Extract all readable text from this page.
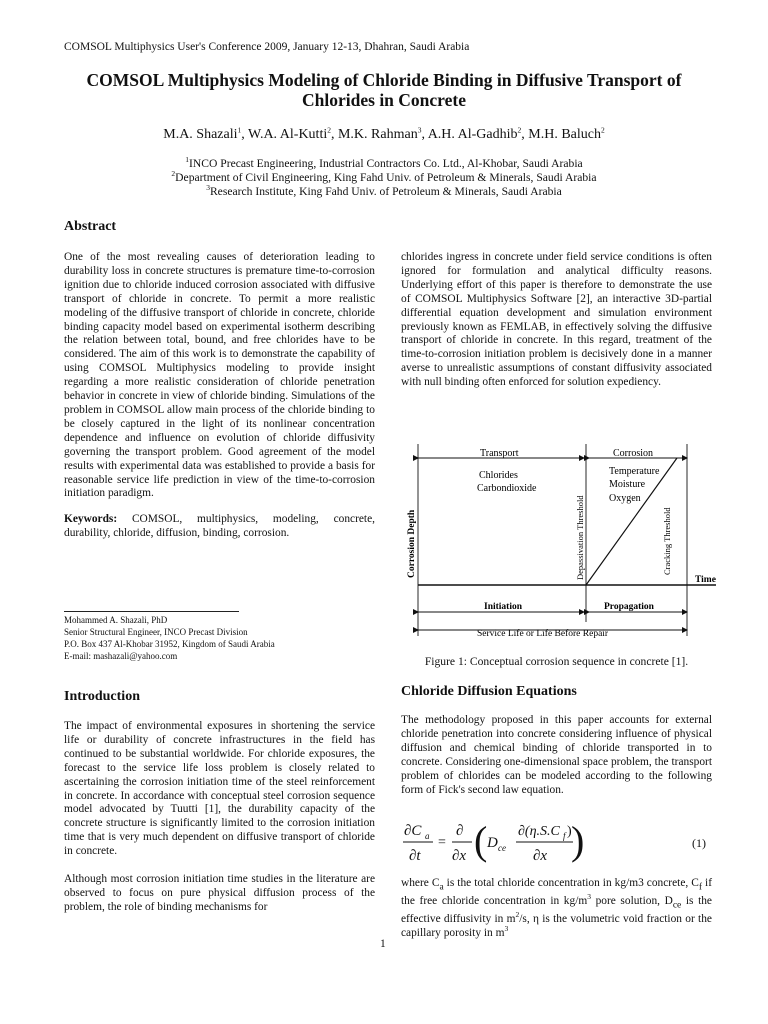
COMSOL Multiphysics User's Conference 2009, January 12-13, Dhahran, Saudi Arabia
COMSOL Multiphysics Modeling of Chloride Binding in Diffusive Transport of Chlorides in Concrete
M.A. Shazali$^1$, W.A. Al-Kutti$^2$, M.K. Rahman$^3$, A.H. Al-Gadhib$^2$, M.H. Baluch$^2$
$^1$INCO Precast Engineering, Industrial Contractors Co. Ltd., Al-Khobar, Saudi Arabia
$^2$Department of Civil Engineering, King Fahd Univ. of Petroleum & Minerals, Saudi Arabia
$^3$Research Institute, King Fahd Univ. of Petroleum & Minerals, Saudi Arabia
Abstract

One of the most revealing causes of deterioration leading to durability loss in concrete structures is premature time-to-corrosion ignition due to chloride induced corrosion associated with diffusive transport of chloride in concrete. To permit a more realistic modeling of the diffusive transport of chloride in concrete, chloride binding capacity model based on experimental isotherm describing the relation between total, bound, and free chlorides have to be considered. The aim of this work is to demonstrate the capability of using COMSOL Multiphysics modeling to provide insight regarding a more realistic consideration of chloride penetration behavior in concrete in view of chloride binding. Simulations of the problem in COMSOL allow main process of the chloride binding to be closely captured in the light of its nonlinear concentration dependence and influence on evolution of chloride diffusivity governing the transport problem. Good agreement of the model results with experimental data was established to provide a basis for reasonable service life prediction in view of the time-to-corrosion initiation paradigm.

Keywords: COMSOL, multiphysics, modeling, concrete, durability, chloride, diffusion, binding, corrosion.

Mohammed A. Shazali, PhD
Senior Structural Engineer, INCO Precast Division
P.O. Box 437 Al-Khobar 31952, Kingdom of Saudi Arabia
E-mail: mashazali@yahoo.com
Introduction

The impact of environmental exposures in shortening the service life or durability of concrete infrastructures in the field has continued to be substantial worldwide. For chloride exposures, the forecast to the service life loss problem is closely related to ascertaining the corrosion initiation time of the steel reinforcement in concrete. In accordance with conceptual steel corrosion sequence model advocated by Tuutti [1], the durability capacity of the concrete structure is significantly limited to the corrosion initiation time that is very much dependent on diffusive transport of chloride in concrete.

Although most corrosion initiation time studies in the literature are observed to focus on pure physical diffusion process of the problem, the role of binding mechanisms for

chlorides ingress in concrete under field service conditions is often ignored for formulation and analytical difficulty reasons. Underlying effort of this paper is therefore to demonstrate the use of COMSOL Multiphysics Software [2], an interactive 3D-partial differential equation development and simulation environment previously known as FEMLAB, in effectively solving the diffusive transport of chloride in concrete. In this regard, treatment of the time-to-corrosion initiation problem is decisively done in a manner averse to unrealistic assumptions of constant diffusivity associated with null binding often enforced for solution expediency.
Transport	Corrosion
Chlorides
Carbondioxide
Temperature
Moisture
Oxygen
Corrosion Depth	Depassivation Threshold	Cracking Threshold
Time
Initiation	Propagation
Service Life or Life Before Repair
Figure 1: Conceptual corrosion sequence in concrete [1].
Chloride Diffusion Equations
The methodology proposed in this paper accounts for external chloride penetration into concrete considering influence of physical diffusion and chemical binding of chloride transported in to concrete. Considering one-dimensional space problem, the transport problem of chlorides can be modeled according to the following form of Fick's second law equation.
∂C a
∂t
=
∂
∂x ( D ce
∂(η.S.C f )
∂x )	(1)
where $C_a$ is the total chloride concentration in kg/m3 concrete, $C_f$ if the free chloride concentration in $kg/m^3$ pore solution, $D_{ce}$ is the effective diffusivity in $m^2/s$, η is the volumetric void fraction or the capillary porosity in $m^3$
1
